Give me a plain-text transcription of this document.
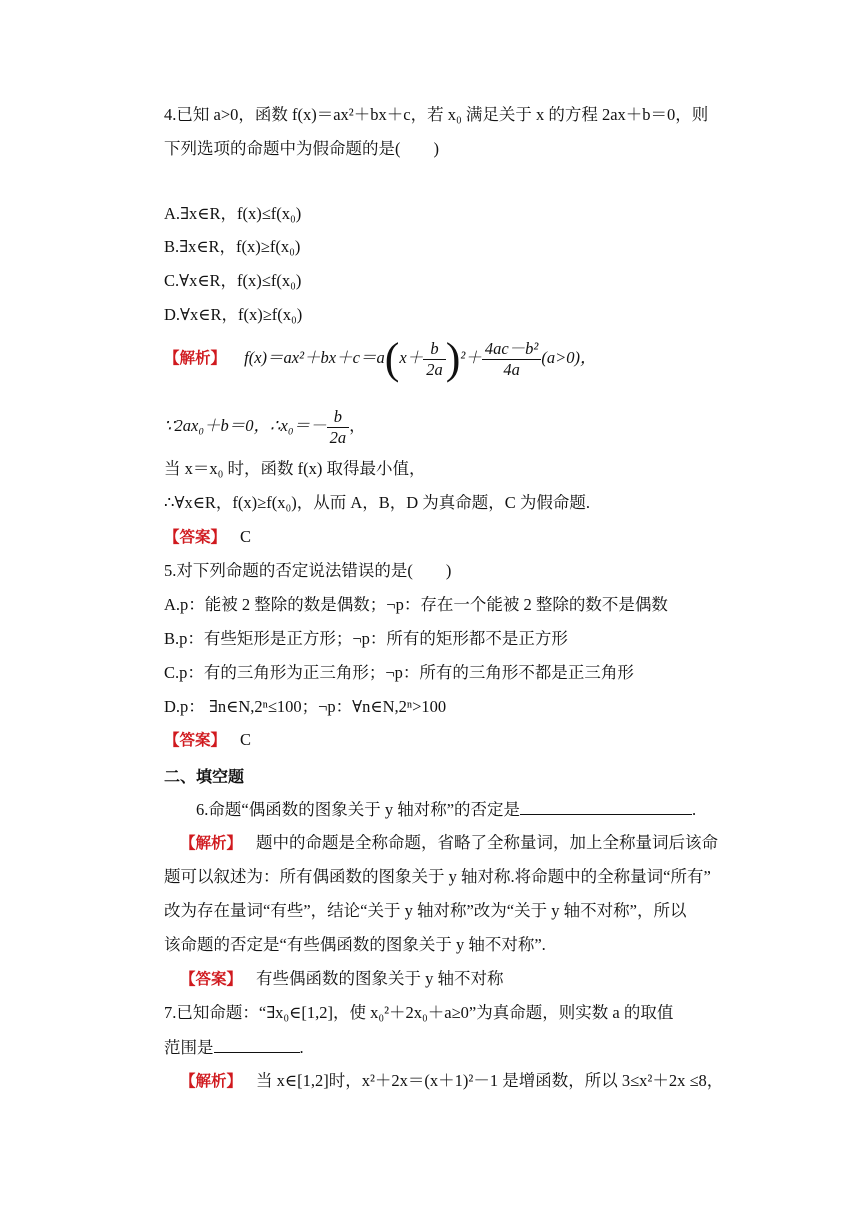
4.已知 a>0，函数 f(x)＝ax²＋bx＋c，若 x₀ 满足关于 x 的方程 2ax＋b＝0，则
下列选项的命题中为假命题的是(　　)
A.∃x∈R，f(x)≤f(x₀)
B.∃x∈R，f(x)≥f(x₀)
C.∀x∈R，f(x)≤f(x₀)
D.∀x∈R，f(x)≥f(x₀)
【解析】 $f(x)=ax^2+bx+c=a(x+ \frac{b}{2a} )^2+ \frac{\text{4ac－b²}}{4a} (a>0)$，
∵2ax₀＋b＝0，∴x₀＝－ $\frac{b}{2a}$ ，
当 x＝x₀ 时，函数 f(x) 取得最小值，
∴∀x∈R，f(x)≥f(x₀)，从而 A，B，D 为真命题，C 为假命题.
【答案】 C
5.对下列命题的否定说法错误的是(　　)
A.p：能被 2 整除的数是偶数；¬p：存在一个能被 2 整除的数不是偶数
B.p：有些矩形是正方形；¬p：所有的矩形都不是正方形
C.p：有的三角形为正三角形；¬p：所有的三角形不都是正三角形
D.p： ∃n∈N,2ⁿ≤100；¬p：∀n∈N,2ⁿ>100
【答案】 C
二、填空题
6.命题“偶函数的图象关于 y 轴对称”的否定是	.
【解析】 题中的命题是全称命题，省略了全称量词，加上全称量词后该命
题可以叙述为：所有偶函数的图象关于 y 轴对称.将命题中的全称量词“所有”
改为存在量词“有些”，结论“关于 y 轴对称”改为“关于 y 轴不对称”，所以
该命题的否定是“有些偶函数的图象关于 y 轴不对称”.
【答案】 有些偶函数的图象关于 y 轴不对称
7.已知命题：“∃x₀∈[1,2]，使 x₀²＋2x₀＋a≥0”为真命题，则实数 a 的取值
范围是	.
【解析】 当 x∈[1,2]时，x²＋2x＝(x＋1)²－1 是增函数，所以 3≤x²＋2x ≤8，
